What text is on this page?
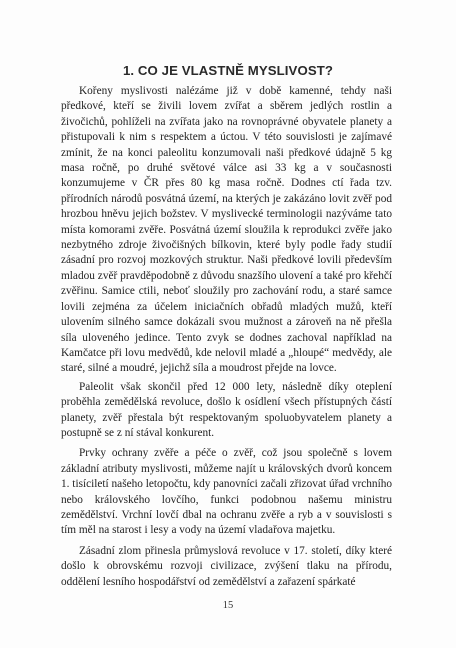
1. CO JE VLASTNĚ MYSLIVOST?

Kořeny myslivosti nalézáme již v době kamenné, tehdy naši předkové, kteří se živili lovem zvířat a sběrem jedlých rostlin a živočichů, pohlíželi na zvířata jako na rovnoprávné obyvatele planety a přistupovali k nim s respektem a úctou. V této souvislosti je zajímavé zmínit, že na konci paleolitu konzumovali naši předkové údajně 5 kg masa ročně, po druhé světové válce asi 33 kg a v současnosti konzumujeme v ČR přes 80 kg masa ročně. Dodnes ctí řada tzv. přírodních národů posvátná území, na kterých je zakázáno lovit zvěř pod hrozbou hněvu jejich božstev. V myslivecké terminologii nazýváme tato místa komorami zvěře. Posvátná území sloužila k reprodukci zvěře jako nezbytného zdroje živočišných bílkovin, které byly podle řady studií zásadní pro rozvoj mozkových struktur. Naši předkové lovili především mladou zvěř pravděpodobně z důvodu snazšího ulovení a také pro křehčí zvěřinu. Samice ctili, neboť sloužily pro zachování rodu, a staré samce lovili zejména za účelem iniciačních obřadů mladých mužů, kteří ulovením silného samce dokázali svou mužnost a zároveň na ně přešla síla uloveného jedince. Tento zvyk se dodnes zachoval například na Kamčatce při lovu medvědů, kde nelovil mladé a „hloupé“ medvědy, ale staré, silné a moudré, jejichž síla a moudrost přejde na lovce.

Paleolit však skončil před 12 000 lety, následně díky oteplení proběhla zemědělská revoluce, došlo k osídlení všech přístupných částí planety, zvěř přestala být respektovaným spoluobyvatelem planety a postupně se z ní stával konkurent.

Prvky ochrany zvěře a péče o zvěř, což jsou společně s lovem základní atributy myslivosti, můžeme najít u královských dvorů koncem 1. tisíciletí našeho letopočtu, kdy panovníci začali zřizovat úřad vrchního nebo královského lovčího, funkci podobnou našemu ministru zemědělství. Vrchní lovčí dbal na ochranu zvěře a ryb a v souvislosti s tím měl na starost i lesy a vody na území vladařova majetku.

Zásadní zlom přinesla průmyslová revoluce v 17. století, díky které došlo k obrovskému rozvoji civilizace, zvýšení tlaku na přírodu, oddělení lesního hospodářství od zemědělství a zařazení spárkaté

15
